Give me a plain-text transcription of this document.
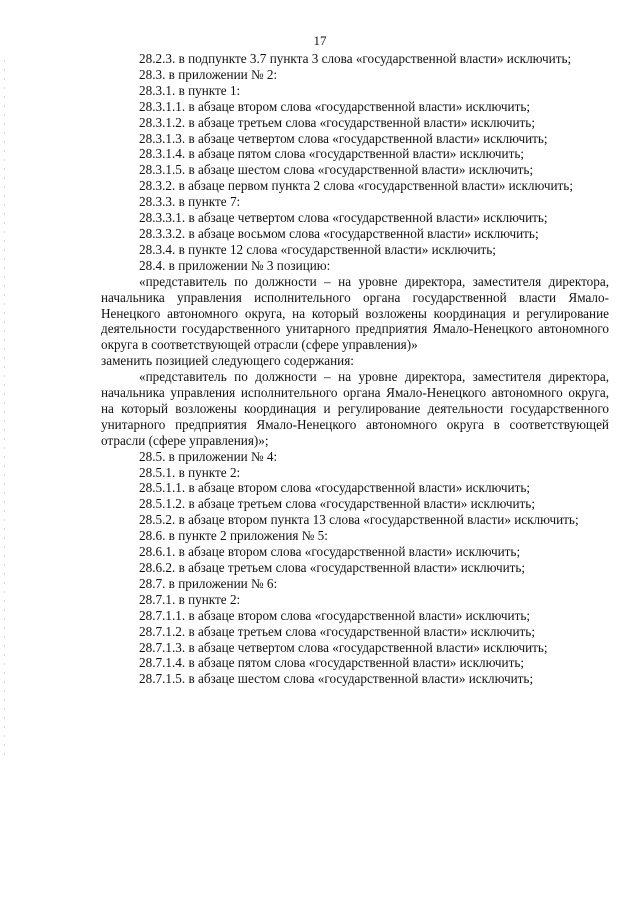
17

28.2.3. в подпункте 3.7 пункта 3 слова «государственной власти» исключить;

28.3. в приложении № 2:

28.3.1. в пункте 1:

28.3.1.1. в абзаце втором слова «государственной власти» исключить;

28.3.1.2. в абзаце третьем слова «государственной власти» исключить;

28.3.1.3. в абзаце четвертом слова «государственной власти» исключить;

28.3.1.4. в абзаце пятом слова «государственной власти» исключить;

28.3.1.5. в абзаце шестом слова «государственной власти» исключить;

28.3.2. в абзаце первом пункта 2 слова «государственной власти» исключить;

28.3.3. в пункте 7:

28.3.3.1. в абзаце четвертом слова «государственной власти» исключить;

28.3.3.2. в абзаце восьмом слова «государственной власти» исключить;

28.3.4. в пункте 12 слова «государственной власти» исключить;

28.4. в приложении № 3 позицию:

«представитель по должности – на уровне директора, заместителя директора, начальника управления исполнительного органа государственной власти Ямало-Ненецкого автономного округа, на который возложены координация и регулирование деятельности государственного унитарного предприятия Ямало-Ненецкого автономного округа в соответствующей отрасли (сфере управления)»

заменить позицией следующего содержания:

«представитель по должности – на уровне директора, заместителя директора, начальника управления исполнительного органа Ямало-Ненецкого автономного округа, на который возложены координация и регулирование деятельности государственного унитарного предприятия Ямало-Ненецкого автономного округа в соответствующей отрасли (сфере управления)»;

28.5. в приложении № 4:

28.5.1. в пункте 2:

28.5.1.1. в абзаце втором слова «государственной власти» исключить;

28.5.1.2. в абзаце третьем слова «государственной власти» исключить;

28.5.2. в абзаце втором пункта 13 слова «государственной власти» исключить;

28.6. в пункте 2 приложения № 5:

28.6.1. в абзаце втором слова «государственной власти» исключить;

28.6.2. в абзаце третьем слова «государственной власти» исключить;

28.7. в приложении № 6:

28.7.1. в пункте 2:

28.7.1.1. в абзаце втором слова «государственной власти» исключить;

28.7.1.2. в абзаце третьем слова «государственной власти» исключить;

28.7.1.3. в абзаце четвертом слова «государственной власти» исключить;

28.7.1.4. в абзаце пятом слова «государственной власти» исключить;

28.7.1.5. в абзаце шестом слова «государственной власти» исключить;
